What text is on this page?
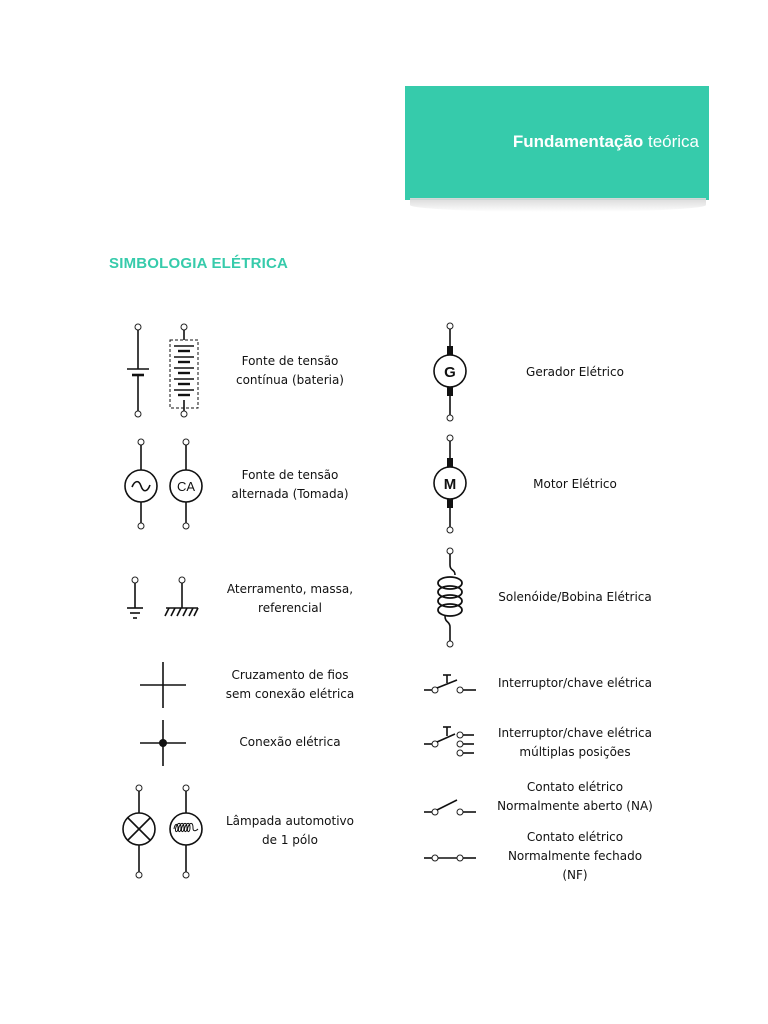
Fundamentação teórica
SIMBOLOGIA ELÉTRICA
Fonte de tensão
contínua (bateria)
CA
Fonte de tensão
alternada (Tomada)
Aterramento, massa,
referencial
Cruzamento de fios
sem conexão elétrica
Conexão elétrica
Lâmpada automotivo
de 1 pólo
G	Gerador Elétrico
M	Motor Elétrico
Solenóide/Bobina Elétrica
Interruptor/chave elétrica
Interruptor/chave elétrica
múltiplas posições
Contato elétrico
Normalmente aberto (NA)
Contato elétrico
Normalmente fechado
(NF)
